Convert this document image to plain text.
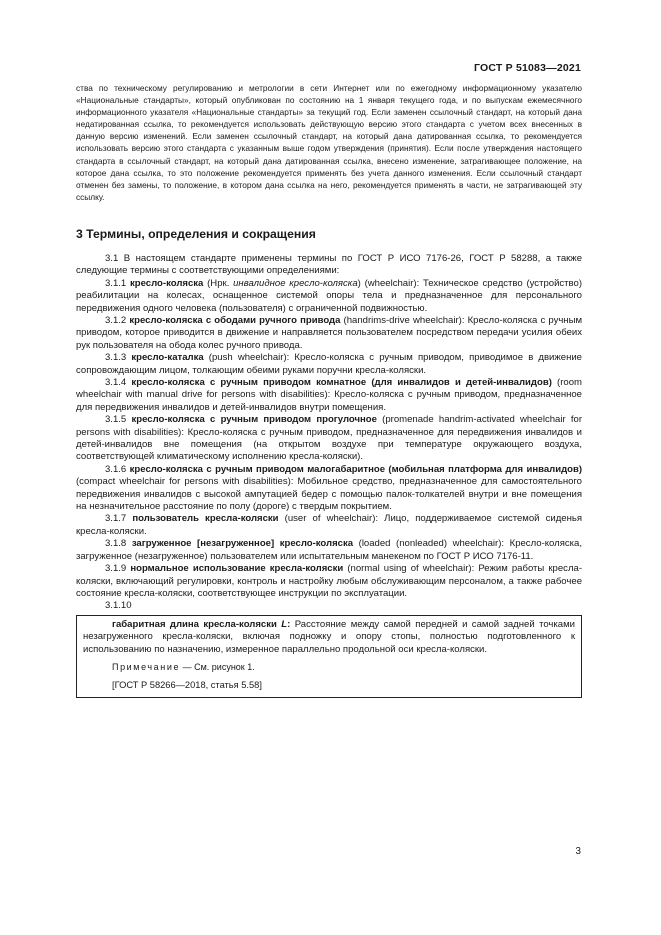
ГОСТ Р 51083—2021

ства по техническому регулированию и метрологии в сети Интернет или по ежегодному информационному указателю «Национальные стандарты», который опубликован по состоянию на 1 января текущего года, и по выпускам ежемесячного информационного указателя «Национальные стандарты» за текущий год. Если заменен ссылочный стандарт, на который дана недатированная ссылка, то рекомендуется использовать действующую версию этого стандарта с учетом всех внесенных в данную версию изменений. Если заменен ссылочный стандарт, на который дана датированная ссылка, то рекомендуется использовать версию этого стандарта с указанным выше годом утверждения (принятия). Если после утверждения настоящего стандарта в ссылочный стандарт, на который дана датированная ссылка, внесено изменение, затрагивающее положение, на которое дана ссылка, то это положение рекомендуется применять без учета данного изменения. Если ссылочный стандарт отменен без замены, то положение, в котором дана ссылка на него, рекомендуется применять в части, не затрагивающей эту ссылку.

3 Термины, определения и сокращения

3.1 В настоящем стандарте применены термины по ГОСТ Р ИСО 7176-26, ГОСТ Р 58288, а также следующие термины с соответствующими определениями:

3.1.1 кресло-коляска (Нрк. инвалидное кресло-коляска) (wheelchair): Техническое средство (устройство) реабилитации на колесах, оснащенное системой опоры тела и предназначенное для персонального передвижения одного человека (пользователя) с ограниченной подвижностью.

3.1.2 кресло-коляска с ободами ручного привода (handrims-drive wheelchair): Кресло-коляска с ручным приводом, которое приводится в движение и направляется пользователем посредством передачи усилия обеих рук пользователя на обода колес ручного привода.

3.1.3 кресло-каталка (push wheelchair): Кресло-коляска с ручным приводом, приводимое в движение сопровождающим лицом, толкающим обеими руками поручни кресла-коляски.

3.1.4 кресло-коляска с ручным приводом комнатное (для инвалидов и детей-инвалидов) (room wheelchair with manual drive for persons with disabilities): Кресло-коляска с ручным приводом, предназначенное для передвижения инвалидов и детей-инвалидов внутри помещения.

3.1.5 кресло-коляска с ручным приводом прогулочное (promenade handrim-activated wheelchair for persons with disabilities): Кресло-коляска с ручным приводом, предназначенное для передвижения инвалидов и детей-инвалидов вне помещения (на открытом воздухе при температуре окружающего воздуха, соответствующей климатическому исполнению кресла-коляски).

3.1.6 кресло-коляска с ручным приводом малогабаритное (мобильная платформа для инвалидов) (compact wheelchair for persons with disabilities): Мобильное средство, предназначенное для самостоятельного передвижения инвалидов с высокой ампутацией бедер с помощью палок-толкателей внутри и вне помещения на незначительное расстояние по полу (дороге) с твердым покрытием.

3.1.7 пользователь кресла-коляски (user of wheelchair): Лицо, поддерживаемое системой сиденья кресла-коляски.

3.1.8 загруженное [незагруженное] кресло-коляска (loaded (nonleaded) wheelchair): Кресло-коляска, загруженное (незагруженное) пользователем или испытательным манекеном по ГОСТ Р ИСО 7176-11.

3.1.9 нормальное использование кресла-коляски (normal using of wheelchair): Режим работы кресла-коляски, включающий регулировки, контроль и настройку любым обслуживающим персоналом, а также рабочее состояние кресла-коляски, соответствующее инструкции по эксплуатации.

3.1.10

габаритная длина кресла-коляски L: Расстояние между самой передней и самой задней точками незагруженного кресла-коляски, включая подножку и опору стопы, полностью подготовленного к использованию по назначению, измеренное параллельно продольной оси кресла-коляски.

Примечание — См. рисунок 1.

[ГОСТ Р 58266—2018, статья 5.58]

3
